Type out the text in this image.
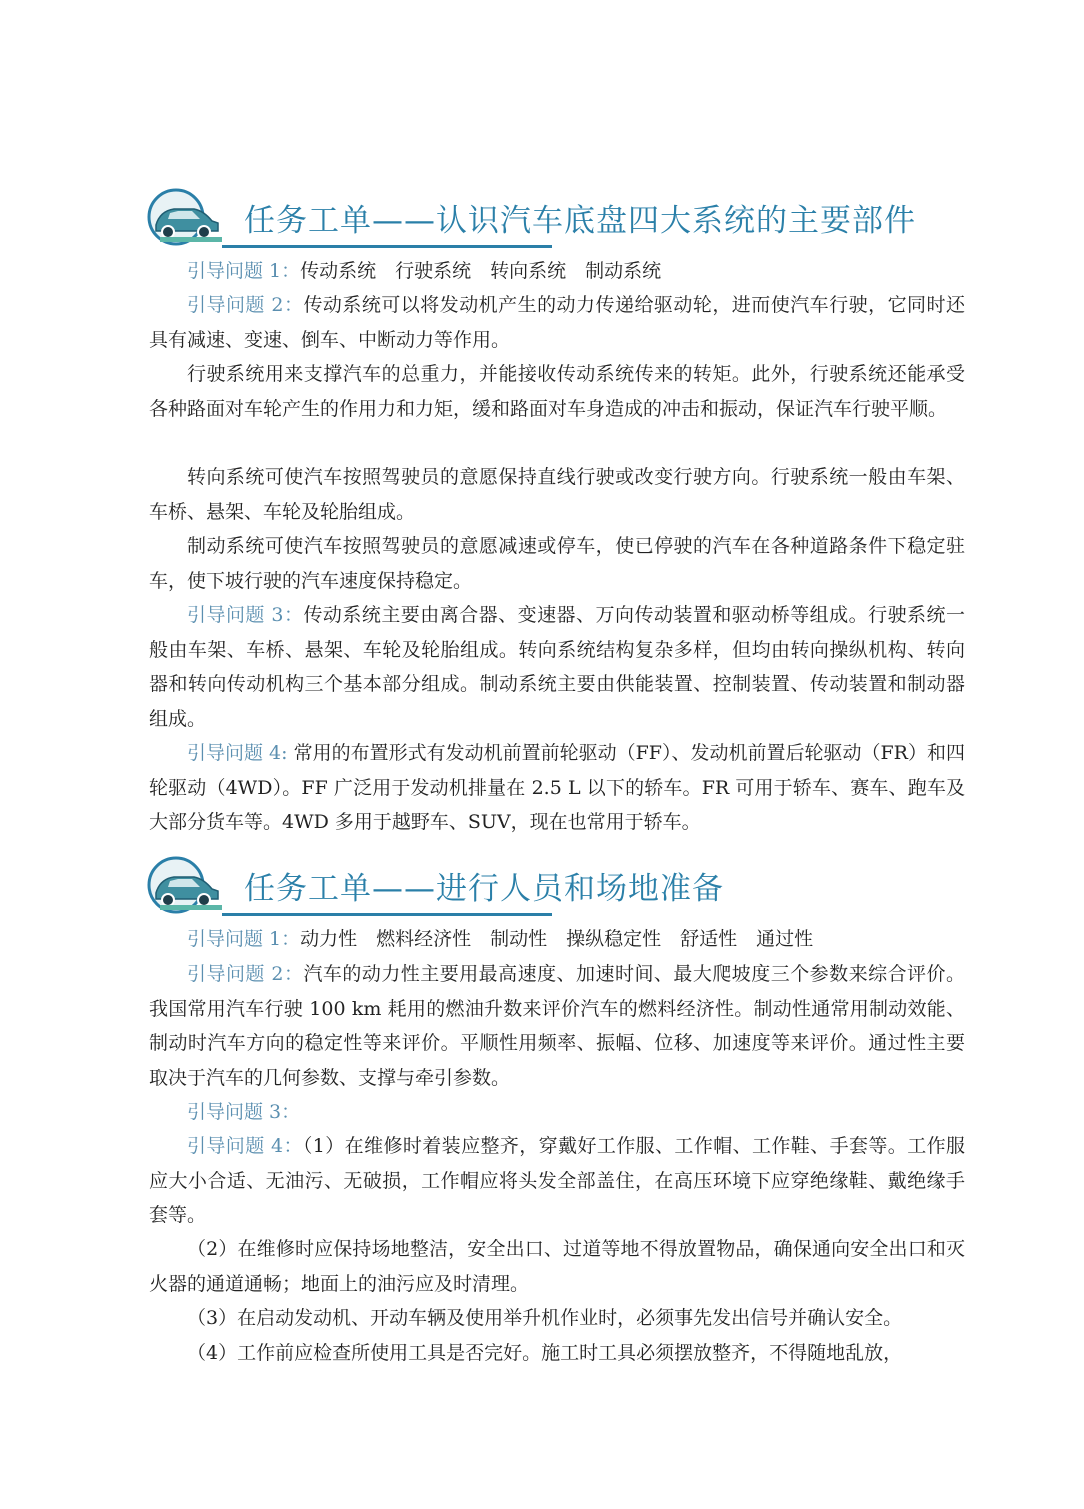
任务工单——认识汽车底盘四大系统的主要部件

引导问题 1：传动系统　行驶系统　转向系统　制动系统

引导问题 2：传动系统可以将发动机产生的动力传递给驱动轮，进而使汽车行驶，它同时还具有减速、变速、倒车、中断动力等作用。

行驶系统用来支撑汽车的总重力，并能接收传动系统传来的转矩。此外，行驶系统还能承受各种路面对车轮产生的作用力和力矩，缓和路面对车身造成的冲击和振动，保证汽车行驶平顺。

转向系统可使汽车按照驾驶员的意愿保持直线行驶或改变行驶方向。行驶系统一般由车架、车桥、悬架、车轮及轮胎组成。

制动系统可使汽车按照驾驶员的意愿减速或停车，使已停驶的汽车在各种道路条件下稳定驻车，使下坡行驶的汽车速度保持稳定。

引导问题 3：传动系统主要由离合器、变速器、万向传动装置和驱动桥等组成。行驶系统一般由车架、车桥、悬架、车轮及轮胎组成。转向系统结构复杂多样，但均由转向操纵机构、转向器和转向传动机构三个基本部分组成。制动系统主要由供能装置、控制装置、传动装置和制动器组成。

引导问题 4: 常用的布置形式有发动机前置前轮驱动（FF）、发动机前置后轮驱动（FR）和四轮驱动（4WD）。FF 广泛用于发动机排量在 2.5 L 以下的轿车。FR 可用于轿车、赛车、跑车及大部分货车等。4WD 多用于越野车、SUV，现在也常用于轿车。

任务工单——进行人员和场地准备

引导问题 1：动力性　燃料经济性　制动性　操纵稳定性　舒适性　通过性

引导问题 2：汽车的动力性主要用最高速度、加速时间、最大爬坡度三个参数来综合评价。我国常用汽车行驶 100 km 耗用的燃油升数来评价汽车的燃料经济性。制动性通常用制动效能、制动时汽车方向的稳定性等来评价。平顺性用频率、振幅、位移、加速度等来评价。通过性主要取决于汽车的几何参数、支撑与牵引参数。

引导问题 3：

引导问题 4：（1）在维修时着装应整齐，穿戴好工作服、工作帽、工作鞋、手套等。工作服应大小合适、无油污、无破损，工作帽应将头发全部盖住，在高压环境下应穿绝缘鞋、戴绝缘手套等。

（2）在维修时应保持场地整洁，安全出口、过道等地不得放置物品，确保通向安全出口和灭火器的通道通畅；地面上的油污应及时清理。

（3）在启动发动机、开动车辆及使用举升机作业时，必须事先发出信号并确认安全。

（4）工作前应检查所使用工具是否完好。施工时工具必须摆放整齐，不得随地乱放，
